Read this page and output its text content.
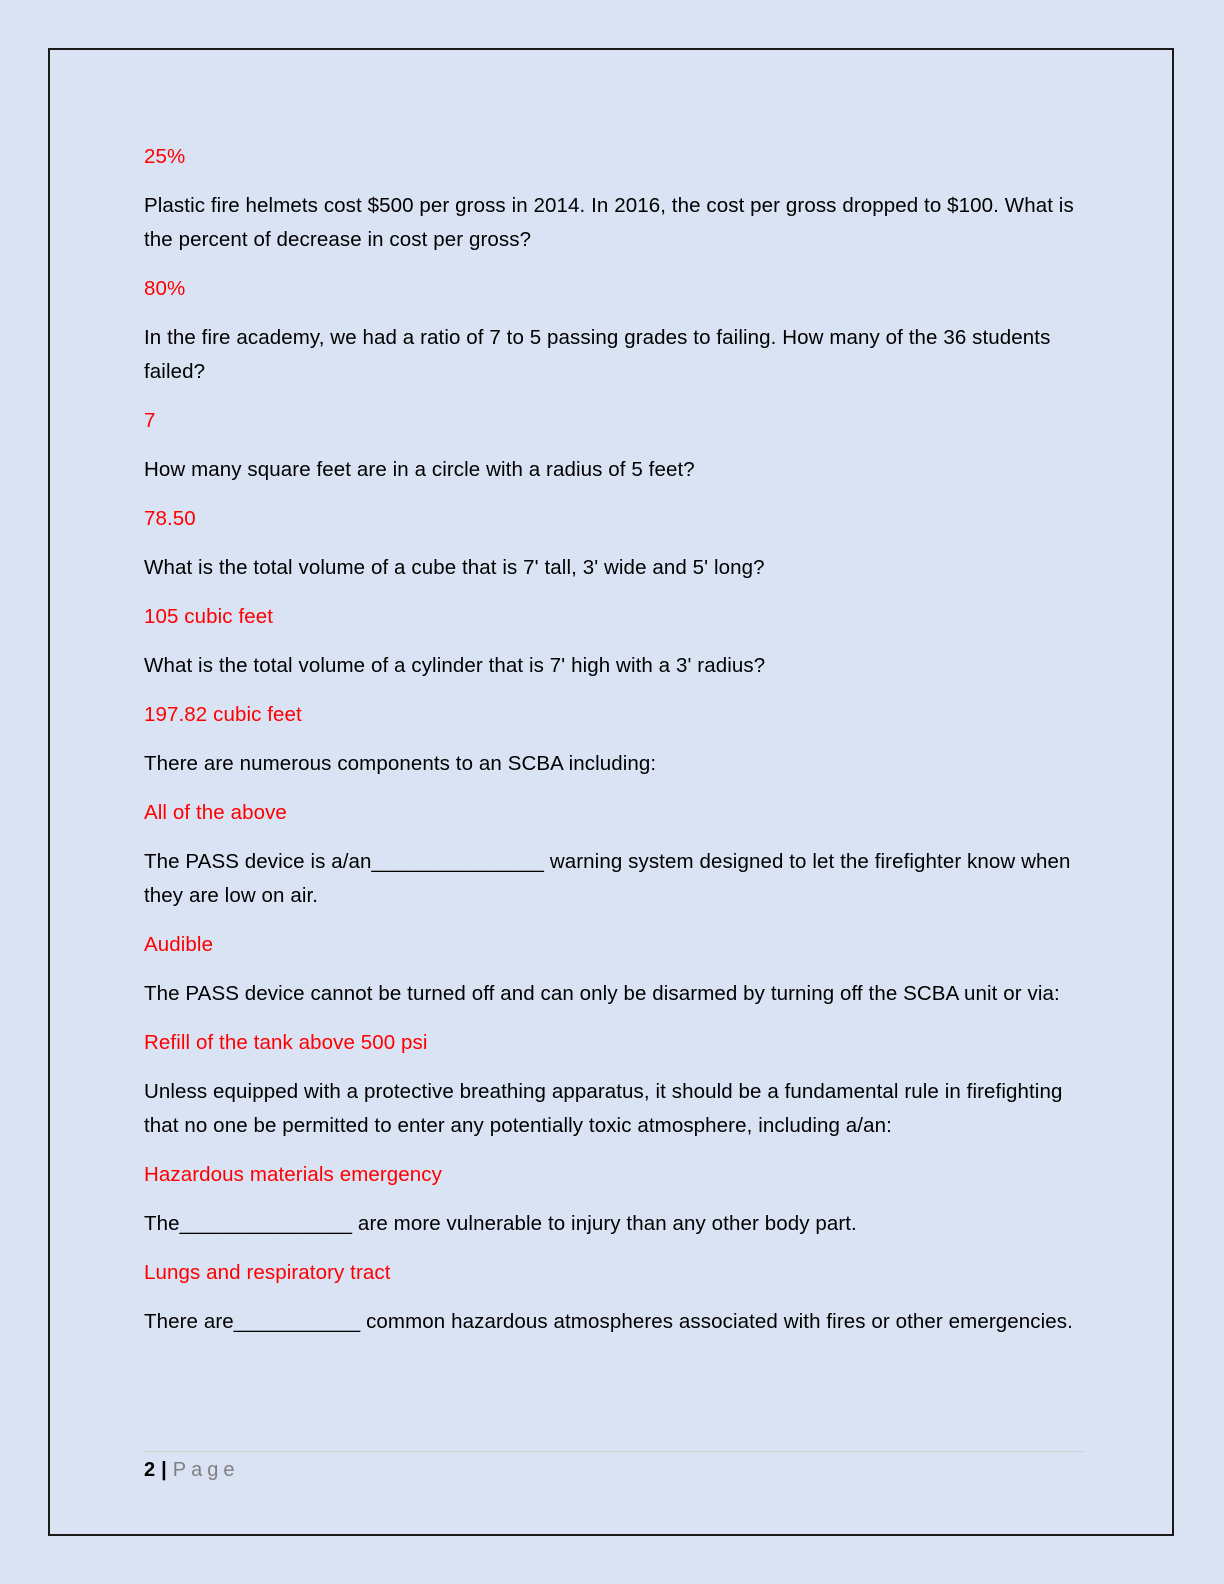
25%

Plastic fire helmets cost $500 per gross in 2014. In 2016, the cost per gross dropped to $100. What is the percent of decrease in cost per gross?

80%

In the fire academy, we had a ratio of 7 to 5 passing grades to failing. How many of the 36 students failed?

7

How many square feet are in a circle with a radius of 5 feet?

78.50

What is the total volume of a cube that is 7' tall, 3' wide and 5' long?

105 cubic feet

What is the total volume of a cylinder that is 7' high with a 3' radius?

197.82 cubic feet

There are numerous components to an SCBA including:

All of the above

The PASS device is a/an_______________ warning system designed to let the firefighter know when they are low on air.

Audible

The PASS device cannot be turned off and can only be disarmed by turning off the SCBA unit or via:

Refill of the tank above 500 psi

Unless equipped with a protective breathing apparatus, it should be a fundamental rule in firefighting that no one be permitted to enter any potentially toxic atmosphere, including a/an:

Hazardous materials emergency

The_______________ are more vulnerable to injury than any other body part.

Lungs and respiratory tract

There are___________ common hazardous atmospheres associated with fires or other emergencies.

2 | Page
